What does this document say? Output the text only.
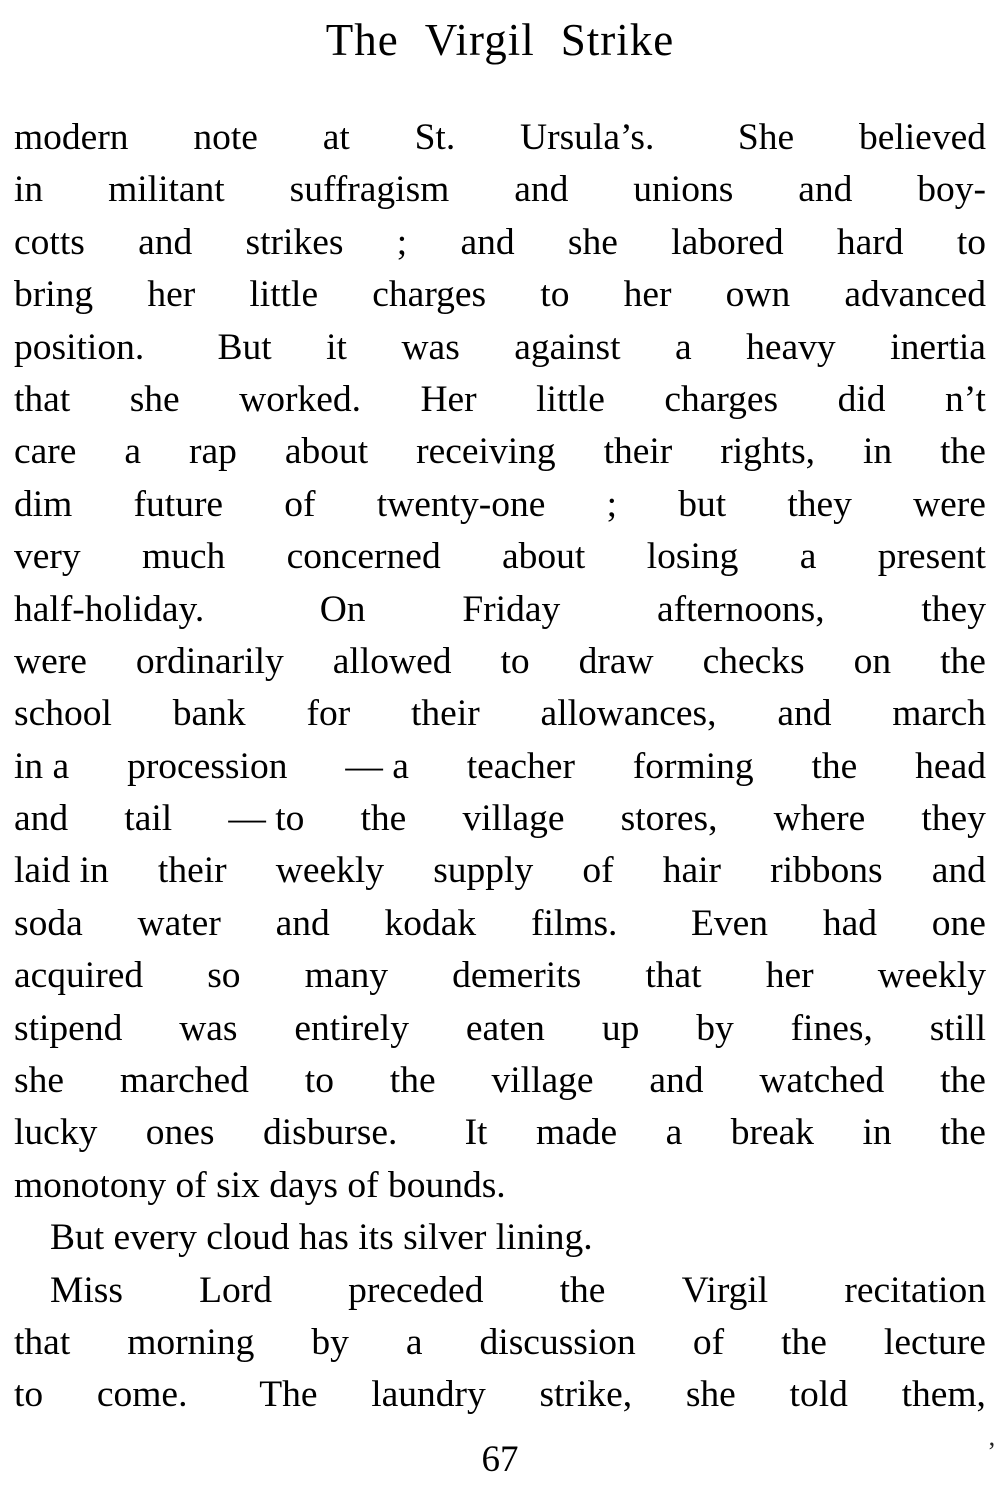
The Virgil Strike
modern note at St. Ursula’s. She believed
in militant suffragism and unions and boy-
cotts and strikes ; and she labored hard to
bring her little charges to her own advanced
position. But it was against a heavy inertia
that she worked. Her little charges did n’t
care a rap about receiving their rights, in the
dim future of twenty-one ; but they were
very much concerned about losing a present
half-holiday.	On	Friday	afternoons,	they
were ordinarily allowed to draw checks on the
school bank for their allowances, and march
in a procession — a teacher forming the head
and tail — to the village stores, where they
laid in their weekly supply of hair ribbons and
soda water and kodak films. Even had one
acquired so many demerits that her weekly
stipend was entirely eaten up by fines, still
she marched to the village and watched the
lucky ones disburse. It made a break in the
monotony of six days of bounds.
But every cloud has its silver lining.
Miss Lord preceded the Virgil recitation
that morning by a discussion of the lecture
to come. The laundry strike, she told them,
67	’
